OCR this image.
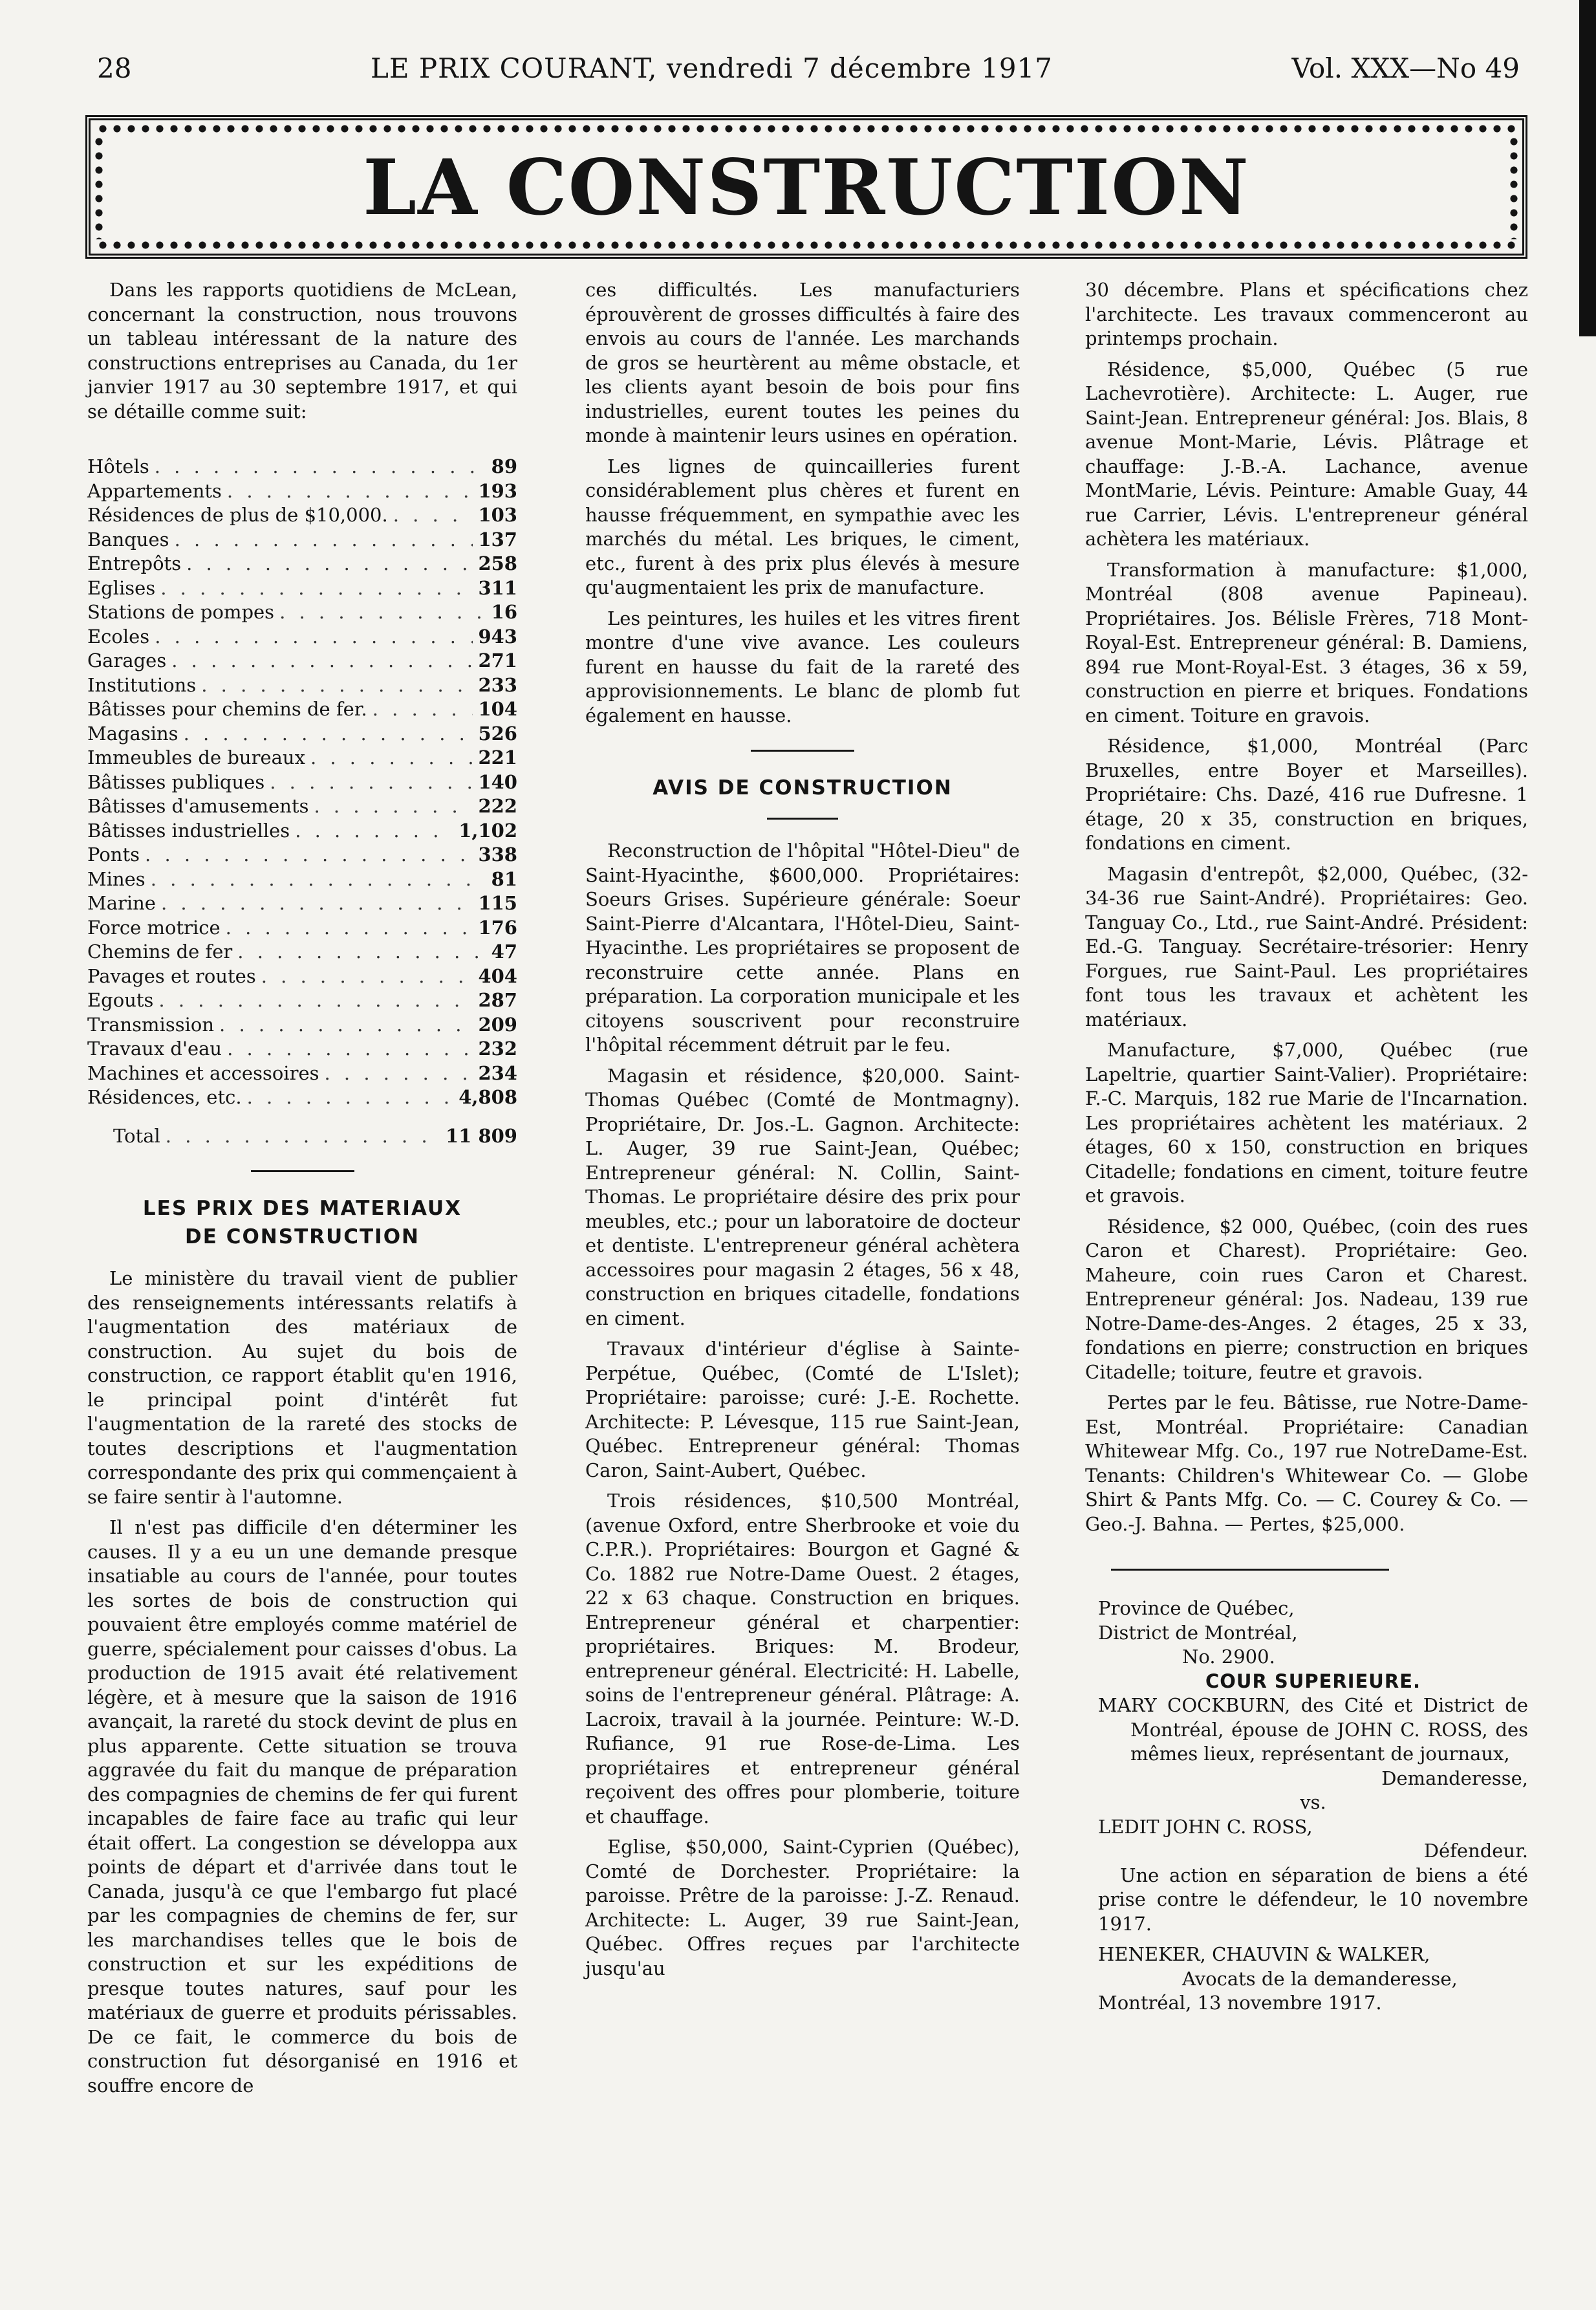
28	LE PRIX COURANT, vendredi 7 décembre 1917	Vol. XXX—No 49
LA CONSTRUCTION

Dans les rapports quotidiens de McLean, concernant la construction, nous trouvons un tableau intéressant de la nature des constructions entreprises au Canada, du 1er janvier 1917 au 30 septembre 1917, et qui se détaille comme suit:

Hôtels . . .	89
Appartements . . .	193
Résidences de plus de $10,000. . . .	103
Banques . . .	137
Entrepôts . . .	258
Eglises . . .	311
Stations de pompes . . .	16
Ecoles . . .	943
Garages . . .	271
Institutions . . .	233
Bâtisses pour chemins de fer. . . .	104
Magasins . . .	526
Immeubles de bureaux . . .	221
Bâtisses publiques . . .	140
Bâtisses d'amusements . . .	222
Bâtisses industrielles . . .	1,102
Ponts . . .	338
Mines . . .	81
Marine . . .	115
Force motrice . . .	176
Chemins de fer . . .	47
Pavages et routes . . .	404
Egouts . . .	287
Transmission . . .	209
Travaux d'eau . . .	232
Machines et accessoires . . .	234
Résidences, etc. . . .	4,808
Total . . .	11 809
LES PRIX DES MATERIAUX
DE CONSTRUCTION

Le ministère du travail vient de publier des renseignements intéressants relatifs à l'augmentation des matériaux de construction. Au sujet du bois de construction, ce rapport établit qu'en 1916, le principal point d'intérêt fut l'augmentation de la rareté des stocks de toutes descriptions et l'augmentation correspondante des prix qui commençaient à se faire sentir à l'automne.

Il n'est pas difficile d'en déterminer les causes. Il y a eu un une demande presque insatiable au cours de l'année, pour toutes les sortes de bois de construction qui pouvaient être employés comme matériel de guerre, spécialement pour caisses d'obus. La production de 1915 avait été relativement légère, et à mesure que la saison de 1916 avançait, la rareté du stock devint de plus en plus apparente. Cette situation se trouva aggravée du fait du manque de préparation des compagnies de chemins de fer qui furent incapables de faire face au trafic qui leur était offert. La congestion se développa aux points de départ et d'arrivée dans tout le Canada, jusqu'à ce que l'embargo fut placé par les compagnies de chemins de fer, sur les marchandises telles que le bois de construction et sur les expéditions de presque toutes natures, sauf pour les matériaux de guerre et produits périssables. De ce fait, le commerce du bois de construction fut désorganisé en 1916 et souffre encore de

ces difficultés. Les manufacturiers éprouvèrent de grosses difficultés à faire des envois au cours de l'année. Les marchands de gros se heurtèrent au même obstacle, et les clients ayant besoin de bois pour fins industrielles, eurent toutes les peines du monde à maintenir leurs usines en opération.

Les lignes de quincailleries furent considérablement plus chères et furent en hausse fréquemment, en sympathie avec les marchés du métal. Les briques, le ciment, etc., furent à des prix plus élevés à mesure qu'augmentaient les prix de manufacture.

Les peintures, les huiles et les vitres firent montre d'une vive avance. Les couleurs furent en hausse du fait de la rareté des approvisionnements. Le blanc de plomb fut également en hausse.

AVIS DE CONSTRUCTION

Reconstruction de l'hôpital "Hôtel-Dieu" de Saint-Hyacinthe, $600,000. Propriétaires: Soeurs Grises. Supérieure générale: Soeur Saint-Pierre d'Alcantara, l'Hôtel-Dieu, Saint-Hyacinthe. Les propriétaires se proposent de reconstruire cette année. Plans en préparation. La corporation municipale et les citoyens souscrivent pour reconstruire l'hôpital récemment détruit par le feu.

Magasin et résidence, $20,000. Saint-Thomas Québec (Comté de Montmagny). Propriétaire, Dr. Jos.-L. Gagnon. Architecte: L. Auger, 39 rue Saint-Jean, Québec; Entrepreneur général: N. Collin, Saint-Thomas. Le propriétaire désire des prix pour meubles, etc.; pour un laboratoire de docteur et dentiste. L'entrepreneur général achètera accessoires pour magasin 2 étages, 56 x 48, construction en briques citadelle, fondations en ciment.

Travaux d'intérieur d'église à Sainte-Perpétue, Québec, (Comté de L'Islet); Propriétaire: paroisse; curé: J.-E. Rochette. Architecte: P. Lévesque, 115 rue Saint-Jean, Québec. Entrepreneur général: Thomas Caron, Saint-Aubert, Québec.

Trois résidences, $10,500 Montréal, (avenue Oxford, entre Sherbrooke et voie du C.P.R.). Propriétaires: Bourgon et Gagné & Co. 1882 rue Notre-Dame Ouest. 2 étages, 22 x 63 chaque. Construction en briques. Entrepreneur général et charpentier: propriétaires. Briques: M. Brodeur, entrepreneur général. Electricité: H. Labelle, soins de l'entrepreneur général. Plâtrage: A. Lacroix, travail à la journée. Peinture: W.-D. Rufiance, 91 rue Rose-de-Lima. Les propriétaires et entrepreneur général reçoivent des offres pour plomberie, toiture et chauffage.

Eglise, $50,000, Saint-Cyprien (Québec), Comté de Dorchester. Propriétaire: la paroisse. Prêtre de la paroisse: J.-Z. Renaud. Architecte: L. Auger, 39 rue Saint-Jean, Québec. Offres reçues par l'architecte jusqu'au

30 décembre. Plans et spécifications chez l'architecte. Les travaux commenceront au printemps prochain.

Résidence, $5,000, Québec (5 rue Lachevrotière). Architecte: L. Auger, rue Saint-Jean. Entrepreneur général: Jos. Blais, 8 avenue Mont-Marie, Lévis. Plâtrage et chauffage: J.-B.-A. Lachance, avenue MontMarie, Lévis. Peinture: Amable Guay, 44 rue Carrier, Lévis. L'entrepreneur général achètera les matériaux.

Transformation à manufacture: $1,000, Montréal (808 avenue Papineau). Propriétaires. Jos. Bélisle Frères, 718 Mont-Royal-Est. Entrepreneur général: B. Damiens, 894 rue Mont-Royal-Est. 3 étages, 36 x 59, construction en pierre et briques. Fondations en ciment. Toiture en gravois.

Résidence, $1,000, Montréal (Parc Bruxelles, entre Boyer et Marseilles). Propriétaire: Chs. Dazé, 416 rue Dufresne. 1 étage, 20 x 35, construction en briques, fondations en ciment.

Magasin d'entrepôt, $2,000, Québec, (32-34-36 rue Saint-André). Propriétaires: Geo. Tanguay Co., Ltd., rue Saint-André. Président: Ed.-G. Tanguay. Secrétaire-trésorier: Henry Forgues, rue Saint-Paul. Les propriétaires font tous les travaux et achètent les matériaux.

Manufacture, $7,000, Québec (rue Lapeltrie, quartier Saint-Valier). Propriétaire: F.-C. Marquis, 182 rue Marie de l'Incarnation. Les propriétaires achètent les matériaux. 2 étages, 60 x 150, construction en briques Citadelle; fondations en ciment, toiture feutre et gravois.

Résidence, $2 000, Québec, (coin des rues Caron et Charest). Propriétaire: Geo. Maheure, coin rues Caron et Charest. Entrepreneur général: Jos. Nadeau, 139 rue Notre-Dame-des-Anges. 2 étages, 25 x 33, fondations en pierre; construction en briques Citadelle; toiture, feutre et gravois.

Pertes par le feu. Bâtisse, rue Notre-Dame-Est, Montréal. Propriétaire: Canadian Whitewear Mfg. Co., 197 rue NotreDame-Est. Tenants: Children's Whitewear Co. — Globe Shirt & Pants Mfg. Co. — C. Courey & Co. — Geo.-J. Bahna. — Pertes, $25,000.

Province de Québec,

District de Montréal,

No. 2900.

COUR SUPERIEURE.

MARY COCKBURN, des Cité et District de Montréal, épouse de JOHN C. ROSS, des mêmes lieux, représentant de journaux,

Demanderesse,

vs.

LEDIT JOHN C. ROSS,

Défendeur.

Une action en séparation de biens a été prise contre le défendeur, le 10 novembre 1917.

HENEKER, CHAUVIN & WALKER,

Avocats de la demanderesse,

Montréal, 13 novembre 1917.
